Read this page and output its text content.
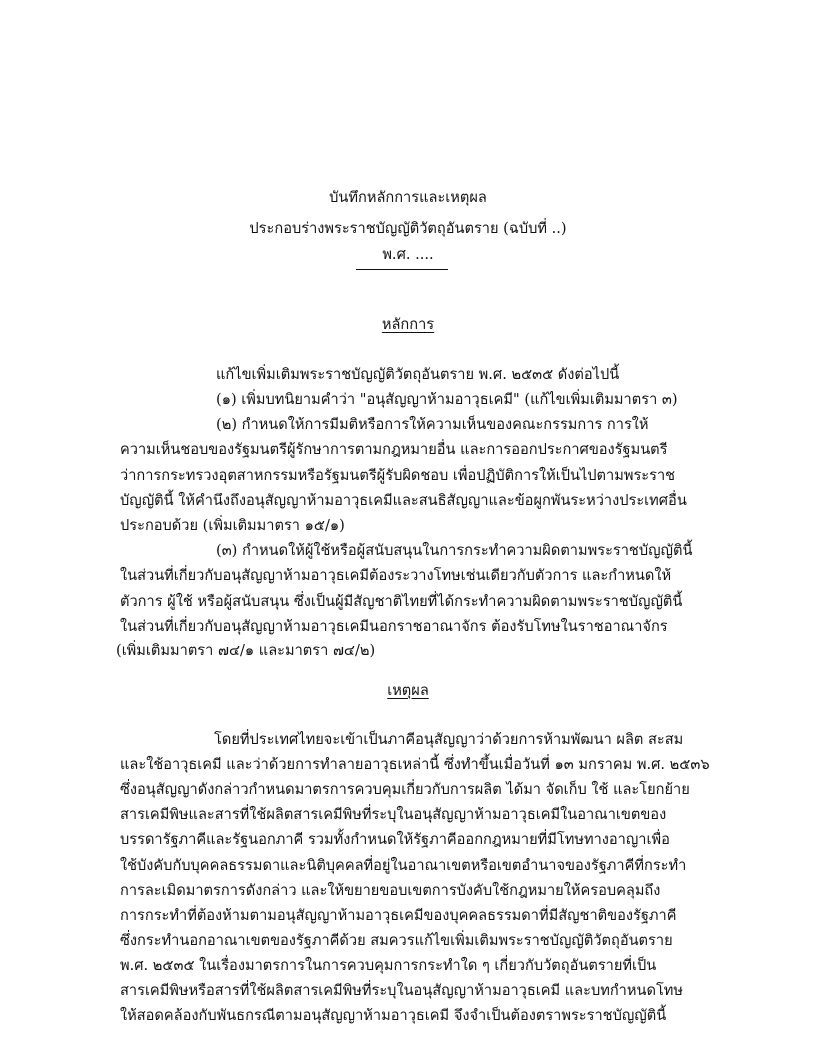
บันทึกหลักการและเหตุผล
ประกอบร่างพระราชบัญญัติวัตถุอันตราย (ฉบับที่ ..)
พ.ศ. ....
หลักการ
แก้ไขเพิ่มเติมพระราชบัญญัติวัตถุอันตราย พ.ศ. ๒๕๓๕ ดังต่อไปนี้
(๑) เพิ่มบทนิยามคำว่า "อนุสัญญาห้ามอาวุธเคมี" (แก้ไขเพิ่มเติมมาตรา ๓)
(๒) กำหนดให้การมีมติหรือการให้ความเห็นของคณะกรรมการ การให้
ความเห็นชอบของรัฐมนตรีผู้รักษาการตามกฎหมายอื่น และการออกประกาศของรัฐมนตรี
ว่าการกระทรวงอุตสาหกรรมหรือรัฐมนตรีผู้รับผิดชอบ เพื่อปฏิบัติการให้เป็นไปตามพระราช
บัญญัตินี้ ให้คำนึงถึงอนุสัญญาห้ามอาวุธเคมีและสนธิสัญญาและข้อผูกพันระหว่างประเทศอื่น
ประกอบด้วย (เพิ่มเติมมาตรา ๑๕/๑)
(๓) กำหนดให้ผู้ใช้หรือผู้สนับสนุนในการกระทำความผิดตามพระราชบัญญัตินี้
ในส่วนที่เกี่ยวกับอนุสัญญาห้ามอาวุธเคมีต้องระวางโทษเช่นเดียวกับตัวการ และกำหนดให้
ตัวการ ผู้ใช้ หรือผู้สนับสนุน ซึ่งเป็นผู้มีสัญชาติไทยที่ได้กระทำความผิดตามพระราชบัญญัตินี้
ในส่วนที่เกี่ยวกับอนุสัญญาห้ามอาวุธเคมีนอกราชอาณาจักร ต้องรับโทษในราชอาณาจักร
(เพิ่มเติมมาตรา ๗๔/๑ และมาตรา ๗๔/๒)
เหตุผล
โดยที่ประเทศไทยจะเข้าเป็นภาคีอนุสัญญาว่าด้วยการห้ามพัฒนา ผลิต สะสม
และใช้อาวุธเคมี และว่าด้วยการทำลายอาวุธเหล่านี้ ซึ่งทำขึ้นเมื่อวันที่ ๑๓ มกราคม พ.ศ. ๒๕๓๖
ซึ่งอนุสัญญาดังกล่าวกำหนดมาตรการควบคุมเกี่ยวกับการผลิต ได้มา จัดเก็บ ใช้ และโยกย้าย
สารเคมีพิษและสารที่ใช้ผลิตสารเคมีพิษที่ระบุในอนุสัญญาห้ามอาวุธเคมีในอาณาเขตของ
บรรดารัฐภาคีและรัฐนอกภาคี รวมทั้งกำหนดให้รัฐภาคีออกกฎหมายที่มีโทษทางอาญาเพื่อ
ใช้บังคับกับบุคคลธรรมดาและนิติบุคคลที่อยู่ในอาณาเขตหรือเขตอำนาจของรัฐภาคีที่กระทำ
การละเมิดมาตรการดังกล่าว และให้ขยายขอบเขตการบังคับใช้กฎหมายให้ครอบคลุมถึง
การกระทำที่ต้องห้ามตามอนุสัญญาห้ามอาวุธเคมีของบุคคลธรรมดาที่มีสัญชาติของรัฐภาคี
ซึ่งกระทำนอกอาณาเขตของรัฐภาคีด้วย สมควรแก้ไขเพิ่มเติมพระราชบัญญัติวัตถุอันตราย
พ.ศ. ๒๕๓๕ ในเรื่องมาตรการในการควบคุมการกระทำใด ๆ เกี่ยวกับวัตถุอันตรายที่เป็น
สารเคมีพิษหรือสารที่ใช้ผลิตสารเคมีพิษที่ระบุในอนุสัญญาห้ามอาวุธเคมี และบทกำหนดโทษ
ให้สอดคล้องกับพันธกรณีตามอนุสัญญาห้ามอาวุธเคมี จึงจำเป็นต้องตราพระราชบัญญัตินี้
